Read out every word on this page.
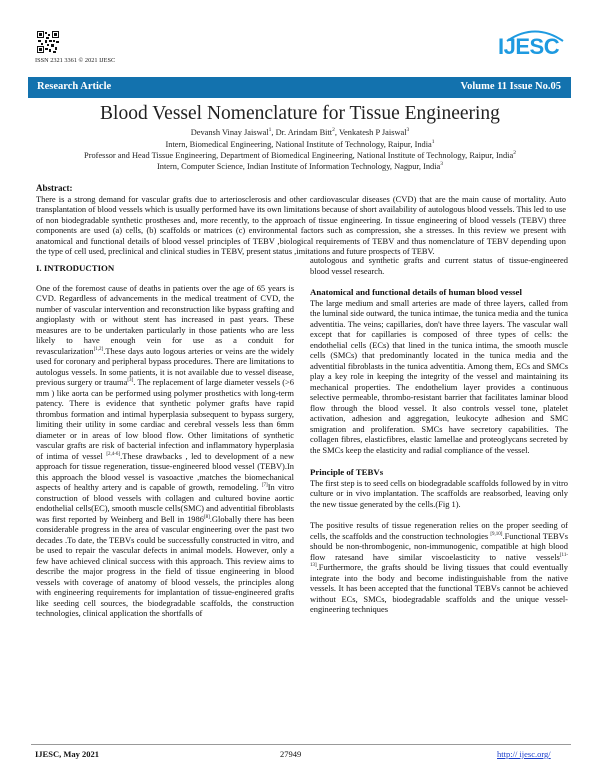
ISSN 2321 3361 © 2021 IJESC
IJESC
Research Article	Volume 11 Issue No.05
Blood Vessel Nomenclature for Tissue Engineering
Devansh Vinay Jaiswal$^1$, Dr. Arindam Bitt$^2$, Venkatesh P Jaiswal$^3$
Intern, Biomedical Engineering, National Institute of Technology, Raipur, India$^1$
Professor and Head Tissue Engineering, Department of Biomedical Engineering, National Institute of Technology, Raipur, India$^2$
Intern, Computer Science, Indian Institute of Information Technology, Nagpur, India$^3$
Abstract:
There is a strong demand for vascular grafts due to arteriosclerosis and other cardiovascular diseases (CVD) that are the main cause of mortality. Auto transplantation of blood vessels which is usually performed have its own limitations because of short availability of autologous blood vessels. This led to use of non biodegradable synthetic prostheses and, more recently, to the approach of tissue engineering. In tissue engineering of blood vessels (TEBV) three components are used (a) cells, (b) scaffolds or matrices (c) environmental factors such as compression, she a stresses. In this review we present with anatomical and functional details of blood vessel principles of TEBV ,biological requirements of TEBV and thus nomenclature of TEBV depending upon the type of cell used, preclinical and clinical studies in TEBV, present status ,imitations and future prospects of TEBV.

I. INTRODUCTION

One of the foremost cause of deaths in patients over the age of 65 years is CVD. Regardless of advancements in the medical treatment of CVD, the number of vascular intervention and reconstruction like bypass grafting and angioplasty with or without stent has increased in past years. These measures are to be undertaken particularly in those patients who are less likely to have enough vein for use as a conduit for revascularization[1,2].These days auto logous arteries or veins are the widely used for coronary and peripheral bypass procedures. There are limitations to autologus vessels. In some patients, it is not available due to vessel disease, previous surgery or trauma[3]. The replacement of large diameter vessels (>6 mm ) like aorta can be performed using polymer prosthetics with long-term patency. There is evidence that synthetic polymer grafts have rapid thrombus formation and intimal hyperplasia subsequent to bypass surgery, limiting their utility in some cardiac and cerebral vessels less than 6mm diameter or in areas of low blood flow. Other limitations of synthetic vascular grafts are risk of bacterial infection and inflammatory hyperplasia of intima of vessel [2,4-6].These drawbacks , led to development of a new approach for tissue regeneration, tissue-engineered blood vessel (TEBV).In this approach the blood vessel is vasoactive ,matches the biomechanical aspects of healthy artery and is capable of growth, remodeling. [7]In vitro construction of blood vessels with collagen and cultured bovine aortic endothelial cells(EC), smooth muscle cells(SMC) and adventitial fibroblasts was first reported by Weinberg and Bell in 1986[8].Globally there has been considerable progress in the area of vascular engineering over the past two decades .To date, the TEBVs could be successfully constructed in vitro, and be used to repair the vascular defects in animal models. However, only a few have achieved clinical success with this approach. This review aims to describe the major progress in the field of tissue engineering in blood vessels with coverage of anatomy of blood vessels, the principles along with engineering requirements for implantation of tissue-engineered grafts like seeding cell sources, the biodegradable scaffolds, the construction technologies, clinical application the shortfalls of

autologous and synthetic grafts and current status of tissue-engineered blood vessel research.

Anatomical and functional details of human blood vessel

The large medium and small arteries are made of three layers, called from the luminal side outward, the tunica intimae, the tunica media and the tunica adventitia. The veins; capillaries, don't have three layers. The vascular wall except that for capillaries is composed of three types of cells: the endothelial cells (ECs) that lined in the tunica intima, the smooth muscle cells (SMCs) that predominantly located in the tunica media and the adventitial fibroblasts in the tunica adventitia. Among them, ECs and SMCs play a key role in keeping the integrity of the vessel and maintaining its mechanical properties. The endothelium layer provides a continuous selective permeable, thrombo-resistant barrier that facilitates laminar blood flow through the blood vessel. It also controls vessel tone, platelet activation, adhesion and aggregation, leukocyte adhesion and SMC smigration and proliferation. SMCs have secretory capabilities. The collagen fibres, elasticfibres, elastic lamellae and proteoglycans secreted by the SMCs keep the elasticity and radial compliance of the vessel.

Principle of TEBVs

The first step is to seed cells on biodegradable scaffolds followed by in vitro culture or in vivo implantation. The scaffolds are reabsorbed, leaving only the new tissue generated by the cells.(Fig 1).

The positive results of tissue regeneration relies on the proper seeding of cells, the scaffolds and the construction technologies [9,10].Functional TEBVs should be non-thrombogenic, non-immunogenic, compatible at high blood flow ratesand have similar viscoelasticity to native vessels[11-13].Furthermore, the grafts should be living tissues that could eventually integrate into the body and become indistinguishable from the native vessels. It has been accepted that the functional TEBVs cannot be achieved without ECs, SMCs, biodegradable scaffolds and the unique vessel-engineering techniques

IJESC, May 2021	27949	http:// ijesc.org/
